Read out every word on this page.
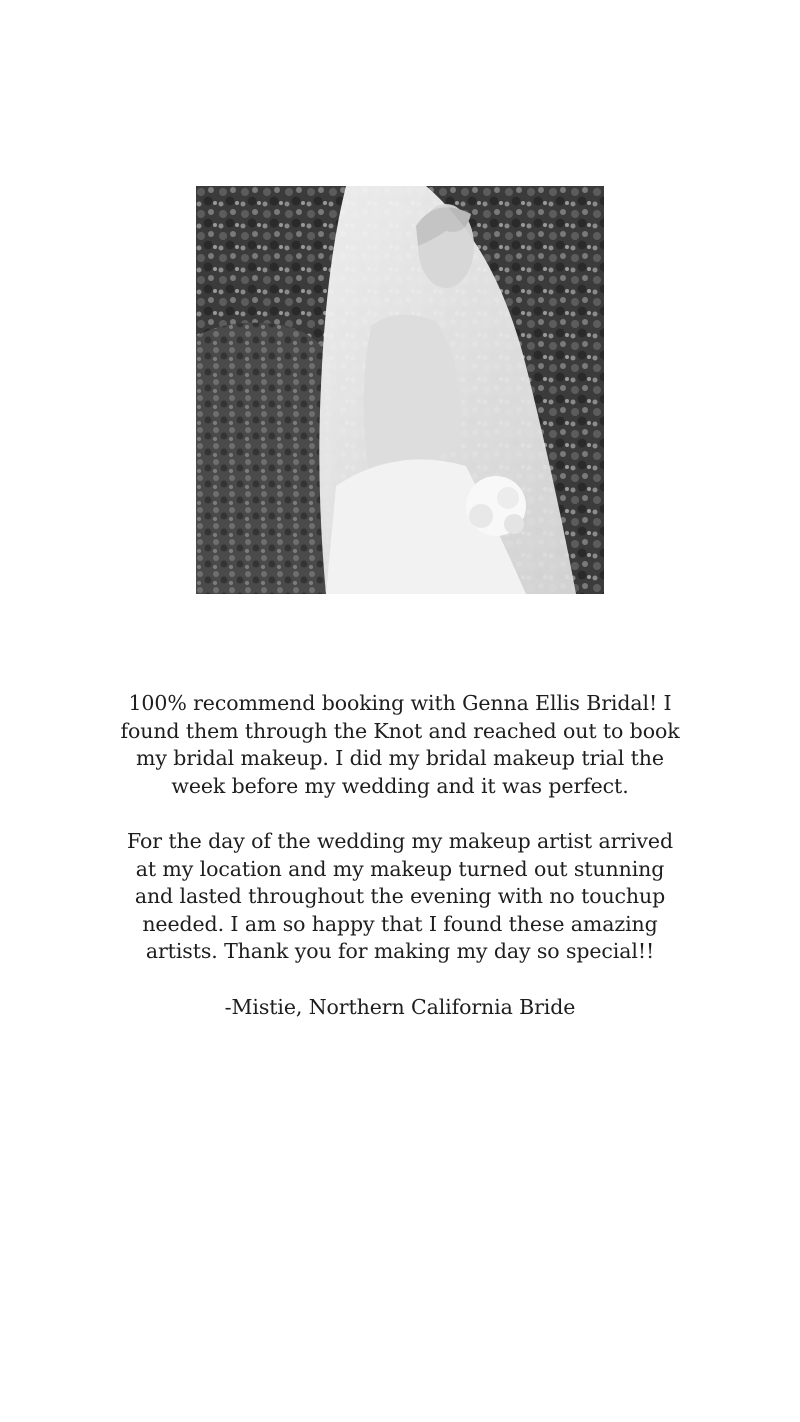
100% recommend booking with Genna Ellis Bridal! I found them through the Knot and reached out to book my bridal makeup. I did my bridal makeup trial the week before my wedding and it was perfect.

For the day of the wedding my makeup artist arrived at my location and my makeup turned out stunning and lasted throughout the evening with no touchup needed. I am so happy that I found these amazing artists. Thank you for making my day so special!!

-Mistie, Northern California Bride
